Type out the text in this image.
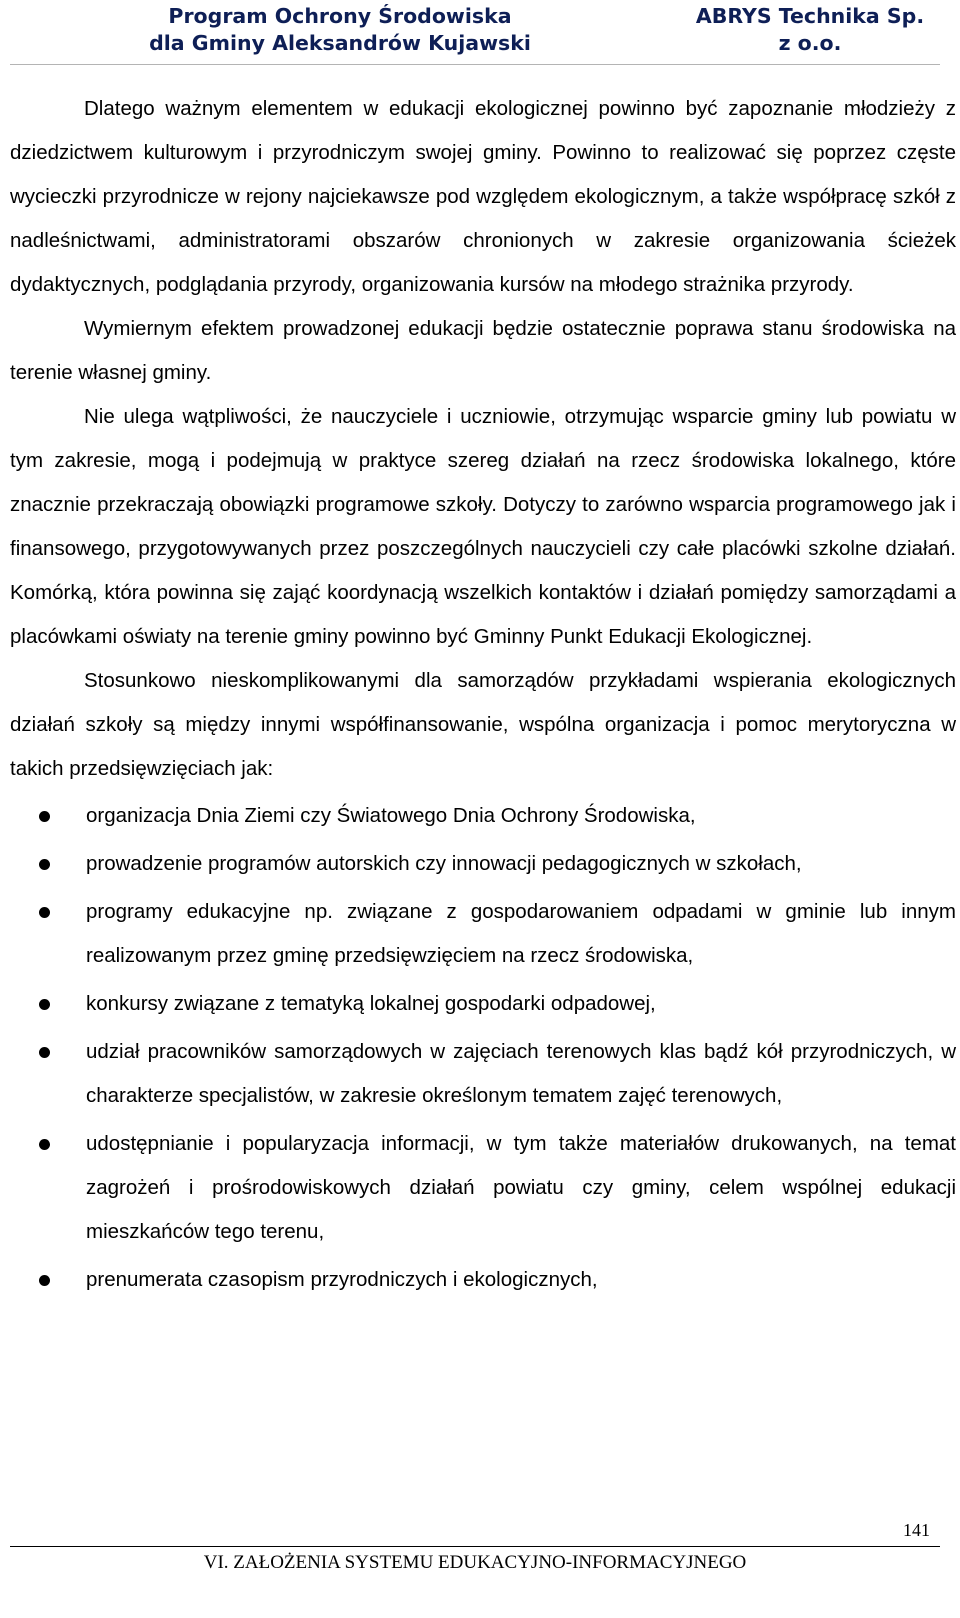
Program Ochrony Środowiska
dla Gminy Aleksandrów Kujawski
ABRYS Technika Sp.
z o.o.

Dlatego ważnym elementem w edukacji ekologicznej powinno być zapoznanie młodzieży z dziedzictwem kulturowym i przyrodniczym swojej gminy. Powinno to realizować się poprzez częste wycieczki przyrodnicze w rejony najciekawsze pod względem ekologicznym, a także współpracę szkół z nadleśnictwami, administratorami obszarów chronionych w zakresie organizowania ścieżek dydaktycznych, podglądania przyrody, organizowania kursów na młodego strażnika przyrody.

Wymiernym efektem prowadzonej edukacji będzie ostatecznie poprawa stanu środowiska na terenie własnej gminy.

Nie ulega wątpliwości, że nauczyciele i uczniowie, otrzymując wsparcie gminy lub powiatu w tym zakresie, mogą i podejmują w praktyce szereg działań na rzecz środowiska lokalnego, które znacznie przekraczają obowiązki programowe szkoły. Dotyczy to zarówno wsparcia programowego jak i finansowego, przygotowywanych przez poszczególnych nauczycieli czy całe placówki szkolne działań. Komórką, która powinna się zająć koordynacją wszelkich kontaktów i działań pomiędzy samorządami a placówkami oświaty na terenie gminy powinno być Gminny Punkt Edukacji Ekologicznej.

Stosunkowo nieskomplikowanymi dla samorządów przykładami wspierania ekologicznych działań szkoły są między innymi współfinansowanie, wspólna organizacja i pomoc merytoryczna w takich przedsięwzięciach jak:

organizacja Dnia Ziemi czy Światowego Dnia Ochrony Środowiska,
prowadzenie programów autorskich czy innowacji pedagogicznych w szkołach,
programy edukacyjne np. związane z gospodarowaniem odpadami w gminie lub innym realizowanym przez gminę przedsięwzięciem na rzecz środowiska,
konkursy związane z tematyką lokalnej gospodarki odpadowej,
udział pracowników samorządowych w zajęciach terenowych klas bądź kół przyrodniczych, w charakterze specjalistów, w zakresie określonym tematem zajęć terenowych,
udostępnianie i popularyzacja informacji, w tym także materiałów drukowanych, na temat zagrożeń i prośrodowiskowych działań powiatu czy gminy, celem wspólnej edukacji mieszkańców tego terenu,
prenumerata czasopism przyrodniczych i ekologicznych,
141
VI. ZAŁOŻENIA SYSTEMU EDUKACYJNO-INFORMACYJNEGO
